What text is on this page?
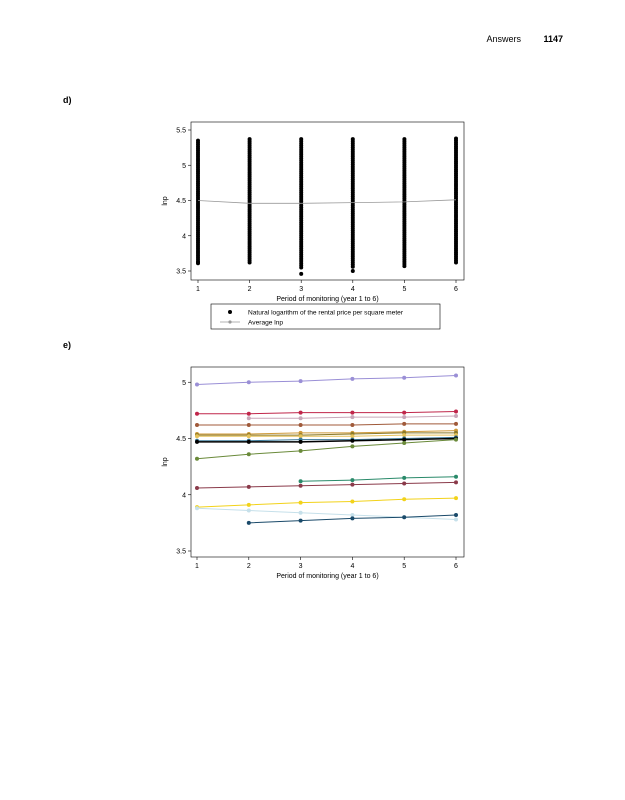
Answers	1147
d)
e)
1	2	3	4	5	6
3.5
4
4.5
5
5.5
Period of monitoring (year 1 to 6)
lnp
Natural logarithm of the rental price per square meter
Average lnp
1	2	3	4	5	6
3.5
4
4.5
5
Period of monitoring (year 1 to 6)
lnp
